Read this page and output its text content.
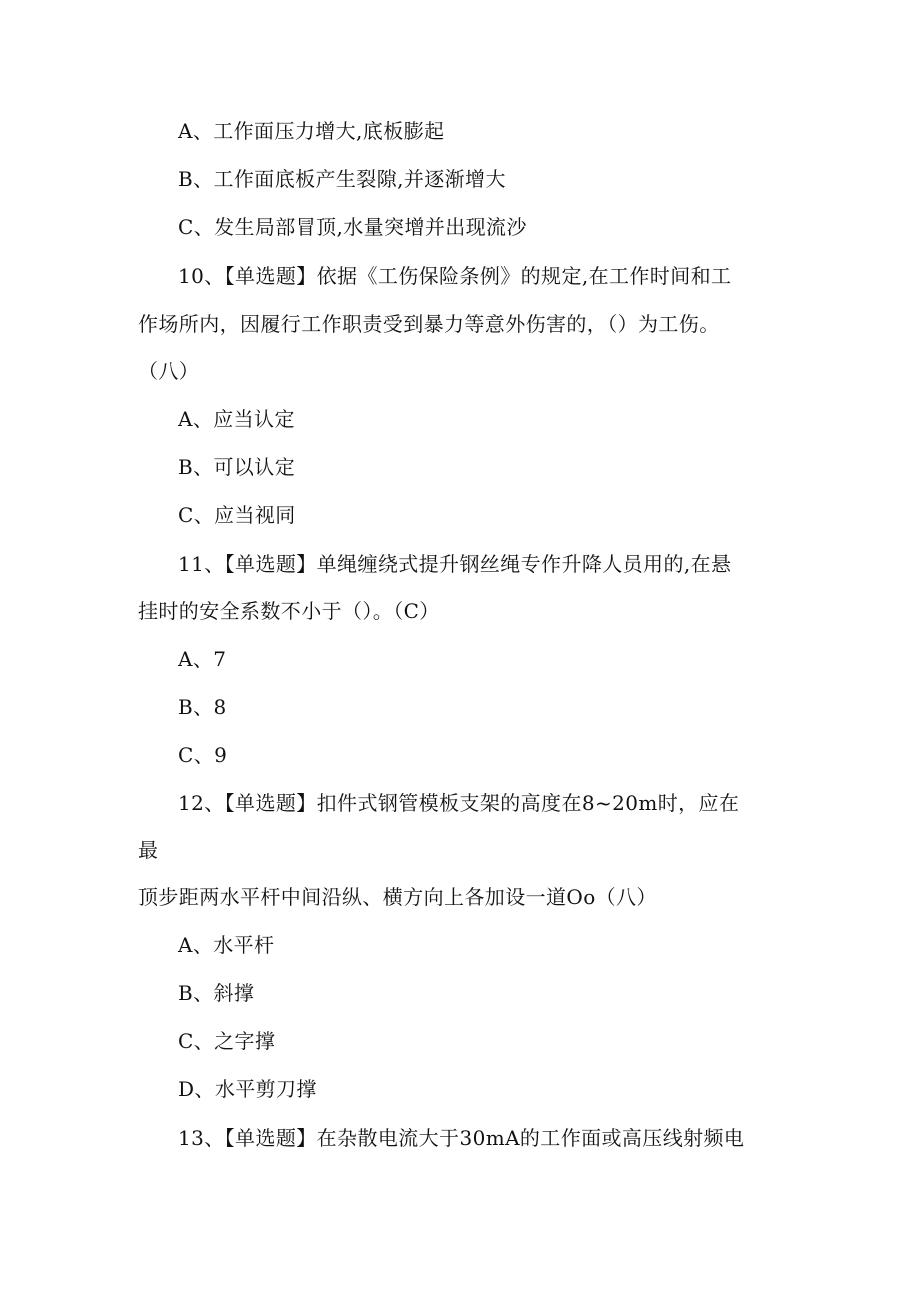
A、工作面压力增大,底板膨起
B、工作面底板产生裂隙,并逐渐增大
C、发生局部冒顶,水量突增并出现流沙
10、【单选题】依据《工伤保险条例》的规定,在工作时间和工
作场所内，因履行工作职责受到暴力等意外伤害的，（）为工伤。
（八）
A、应当认定
B、可以认定
C、应当视同
11、【单选题】单绳缠绕式提升钢丝绳专作升降人员用的,在悬
挂时的安全系数不小于（）。（C）
A、7
B、8
C、9
12、【单选题】扣件式钢管模板支架的高度在8~20m时，应在
最
顶步距两水平杆中间沿纵、横方向上各加设一道Oo（八）
A、水平杆
B、斜撑
C、之字撑
D、水平剪刀撑
13、【单选题】在杂散电流大于30mA的工作面或高压线射频电
